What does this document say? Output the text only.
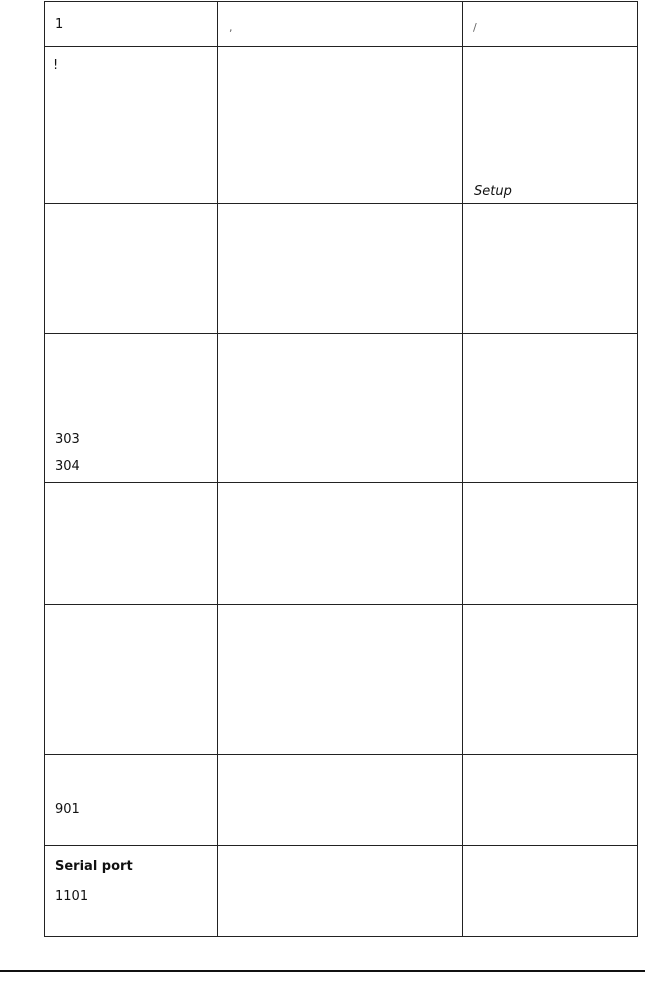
1	,	/
!
Setup
303
304
901
Serial port
1101
